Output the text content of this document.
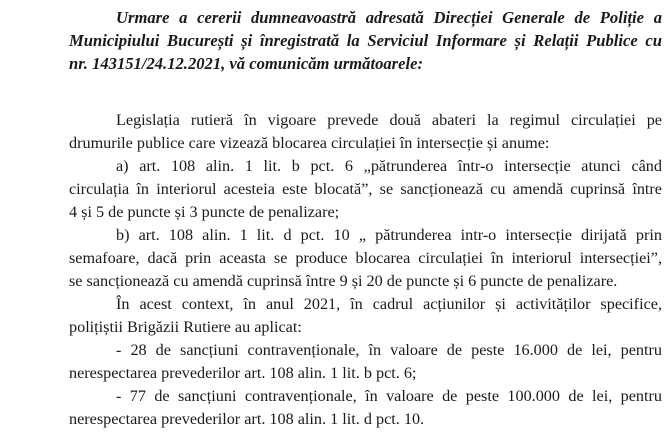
Urmare a cererii dumneavoastră adresată Direcției Generale de Poliție a
Municipiului București și înregistrată la Serviciul Informare și Relații Publice cu
nr. 143151/24.12.2021, vă comunicăm următoarele:
Legislația rutieră în vigoare prevede două abateri la regimul circulației pe
drumurile publice care vizează blocarea circulației în intersecție și anume:
a) art. 108 alin. 1 lit. b pct. 6 „pătrunderea într-o intersecție atunci când
circulația în interiorul acesteia este blocată”, se sancționează cu amendă cuprinsă între
4 și 5 de puncte și 3 puncte de penalizare;
b) art. 108 alin. 1 lit. d pct. 10 „ pătrunderea intr-o intersecție dirijată prin
semafoare, dacă prin aceasta se produce blocarea circulației în interiorul intersecției”,
se sancționează cu amendă cuprinsă între 9 și 20 de puncte și 6 puncte de penalizare.
În acest context, în anul 2021, în cadrul acțiunilor și activităților specifice,
polițiștii Brigăzii Rutiere au aplicat:
- 28 de sancțiuni contravenționale, în valoare de peste 16.000 de lei, pentru
nerespectarea prevederilor art. 108 alin. 1 lit. b pct. 6;
- 77 de sancțiuni contravenționale, în valoare de peste 100.000 de lei, pentru
nerespectarea prevederilor art. 108 alin. 1 lit. d pct. 10.
